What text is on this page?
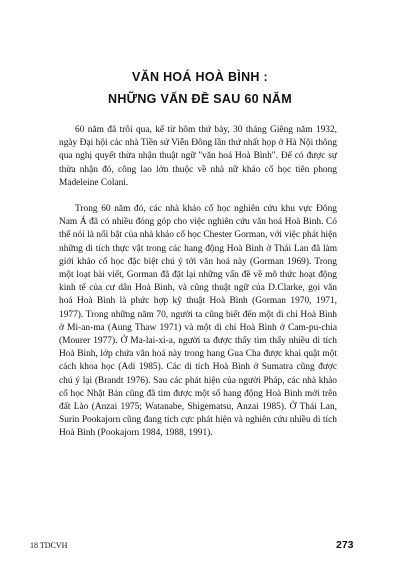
VĂN HOÁ HOÀ BÌNH :
NHỮNG VẤN ĐỀ SAU 60 NĂM

60 năm đã trôi qua, kể từ hôm thứ bảy, 30 tháng Giêng năm 1932, ngày Đại hội các nhà Tiền sử Viễn Đông lần thứ nhất họp ở Hà Nội thông qua nghị quyết thừa nhận thuật ngữ "văn hoá Hoà Bình". Để có được sự thừa nhận đó, công lao lớn thuộc về nhà nữ khảo cổ học tiên phong Madeleine Colani.

Trong 60 năm đó, các nhà khảo cổ học nghiên cứu khu vực Đông Nam Á đã có nhiều đóng góp cho việc nghiên cứu văn hoá Hoà Bình. Có thể nói là nổi bật của nhà khảo cổ học Chester Gorman, với việc phát hiện những di tích thực vật trong các hang động Hoà Bình ở Thái Lan đã làm giới khảo cổ học đặc biệt chú ý tới văn hoá này (Gorman 1969). Trong một loạt bài viết, Gorman đã đặt lại những vấn đề về mô thức hoạt động kinh tế của cư dân Hoà Bình, và cũng thuật ngữ của D.Clarke, gọi văn hoá Hoà Bình là phức hợp kỹ thuật Hoà Bình (Gorman 1970, 1971, 1977). Trong những năm 70, người ta cũng biết đến một di chỉ Hoà Bình ở Mi-an-ma (Aung Thaw 1971) và một di chỉ Hoà Bình ở Cam-pu-chia (Mourer 1977). Ở Ma-lai-xi-a, người ta được thấy tìm thấy nhiều di tích Hoà Bình, lớp chứa văn hoá này trong hang Gua Cha được khai quật một cách khoa học (Adi 1985). Các di tích Hoà Bình ở Sumatra cũng được chú ý lại (Brandt 1976). Sau các phát hiện của người Pháp, các nhà khảo cổ học Nhật Bản cũng đã tìm được một số hang động Hoà Bình mới trên đất Lào (Anzai 1975; Watanabe, Shigematsu, Anzai 1985). Ở Thái Lan, Surin Pookajorn cũng đang tích cực phát hiện và nghiên cứu nhiều di tích Hoà Bình (Pookajorn 1984, 1988, 1991).

18 TDCVH	273
